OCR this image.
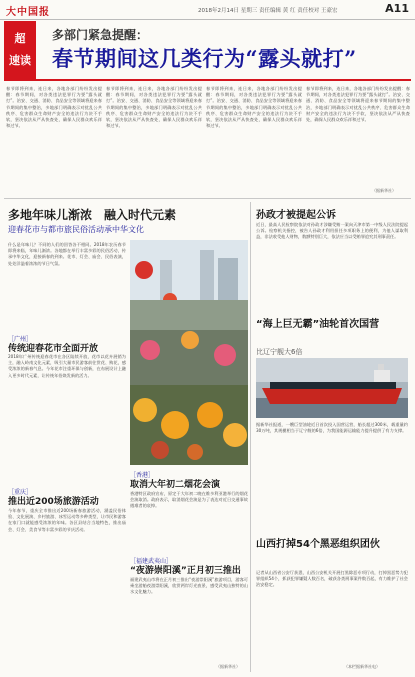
大中国报	2018年2月14日 星期三 责任编辑 黄 红 责任校对 王豪宏	A11
超
速读
多部门紧急提醒：
春节期间这几类行为“露头就打”
春节即将到来，连日来，各地各部门纷纷发出提醒：春节期间，对各类违法犯罪行为要“露头就打”。治安、交通、消防、食品安全等领域将迎来春节期间的集中整治，多地部门明确表示对扰乱公共秩序、危害群众生命财产安全的违法行为决不手软，坚决依法从严从快查处，确保人民群众欢乐祥和过节。
春节即将到来，连日来，各地各部门纷纷发出提醒：春节期间，对各类违法犯罪行为要“露头就打”。治安、交通、消防、食品安全等领域将迎来春节期间的集中整治，多地部门明确表示对扰乱公共秩序、危害群众生命财产安全的违法行为决不手软，坚决依法从严从快查处，确保人民群众欢乐祥和过节。
春节即将到来，连日来，各地各部门纷纷发出提醒：春节期间，对各类违法犯罪行为要“露头就打”。治安、交通、消防、食品安全等领域将迎来春节期间的集中整治，多地部门明确表示对扰乱公共秩序、危害群众生命财产安全的违法行为决不手软，坚决依法从严从快查处，确保人民群众欢乐祥和过节。
春节即将到来，连日来，各地各部门纷纷发出提醒：春节期间，对各类违法犯罪行为要“露头就打”。治安、交通、消防、食品安全等领域将迎来春节期间的集中整治，多地部门明确表示对扰乱公共秩序、危害群众生命财产安全的违法行为决不手软，坚决依法从严从快查处，确保人民群众欢乐祥和过节。
（据新华社）
多地年味儿渐浓　融入时代元素
迎春花市与都市旅民俗活动承中华文化
什么是年味儿？不同的人们的回答各不相同。2018年农历春节即将来临，年味儿渐浓。各地都在举行丰富多彩的民俗活动，传承中华文化，迎接新春的到来。花市、灯会、庙会、民俗表演，处处洋溢着浓浓的节日气氛。
［广州］
传统迎春花市全面开放
2018年广州传统迎春花市在各区陆续开放，花市以花卉展销为主，融入岭南文化元素，吸引大量市民游客前往赏花、购花，感受浓浓的新春气息。今年花市注重环保与创新，在布展设计上融入更多时代元素，让传统年俗焕发新的活力。
［重庆］
推出近200场旅游活动
今年春节，重庆全市推出近200场新春旅游活动，涵盖民俗体验、文化展演、乡村旅游、冰雪运动等多种类型，让市民和游客在家门口就能感受浓浓的年味。各区县结合当地特色，推出庙会、灯会、美食节等丰富多彩的节庆活动。
［香港］
取消大年初二烟花会演
香港特区政府宣布，原定于大年初二晚在维多利亚港举行的烟花会演取消。政府表示，取消烟花会演是为了表达对近日交通事故遇难者的哀悼。
［福建武夷山］
“夜游崇阳溪”正月初三推出
福建武夷山市将在正月初三推出“夜游崇阳溪”旅游项目，游客可乘坐游船夜游崇阳溪，欣赏两岸灯光夜景，感受武夷山独特的山水文化魅力。
（据新华社）
孙政才被提起公诉
近日，最高人民检察院依法对孙政才涉嫌受贿一案向天津市第一中级人民法院提起公诉。检察机关指控，被告人孙政才利用担任多项职务上的便利，为他人谋取利益，非法收受他人财物，数额特别巨大，依法应当以受贿罪追究其刑事责任。
“海上巨无霸”油轮首次国营
比辽宁舰大6倍
据新华社报道，一艘巨型油轮近日首次投入国营运营，船长超过300米，载重量约30万吨，其规模相当于辽宁舰的6倍，为我国能源运输能力提升提供了有力支撑。
山西打掉54个黑恶组织团伙
记者从山西省公安厅获悉，山西公安机关开展打黑除恶专项行动，打掉黑恶势力犯罪组织54个，抓获犯罪嫌疑人数百名，破获各类刑事案件数百起，有力维护了社会治安稳定。
（本栏据新华社电）
